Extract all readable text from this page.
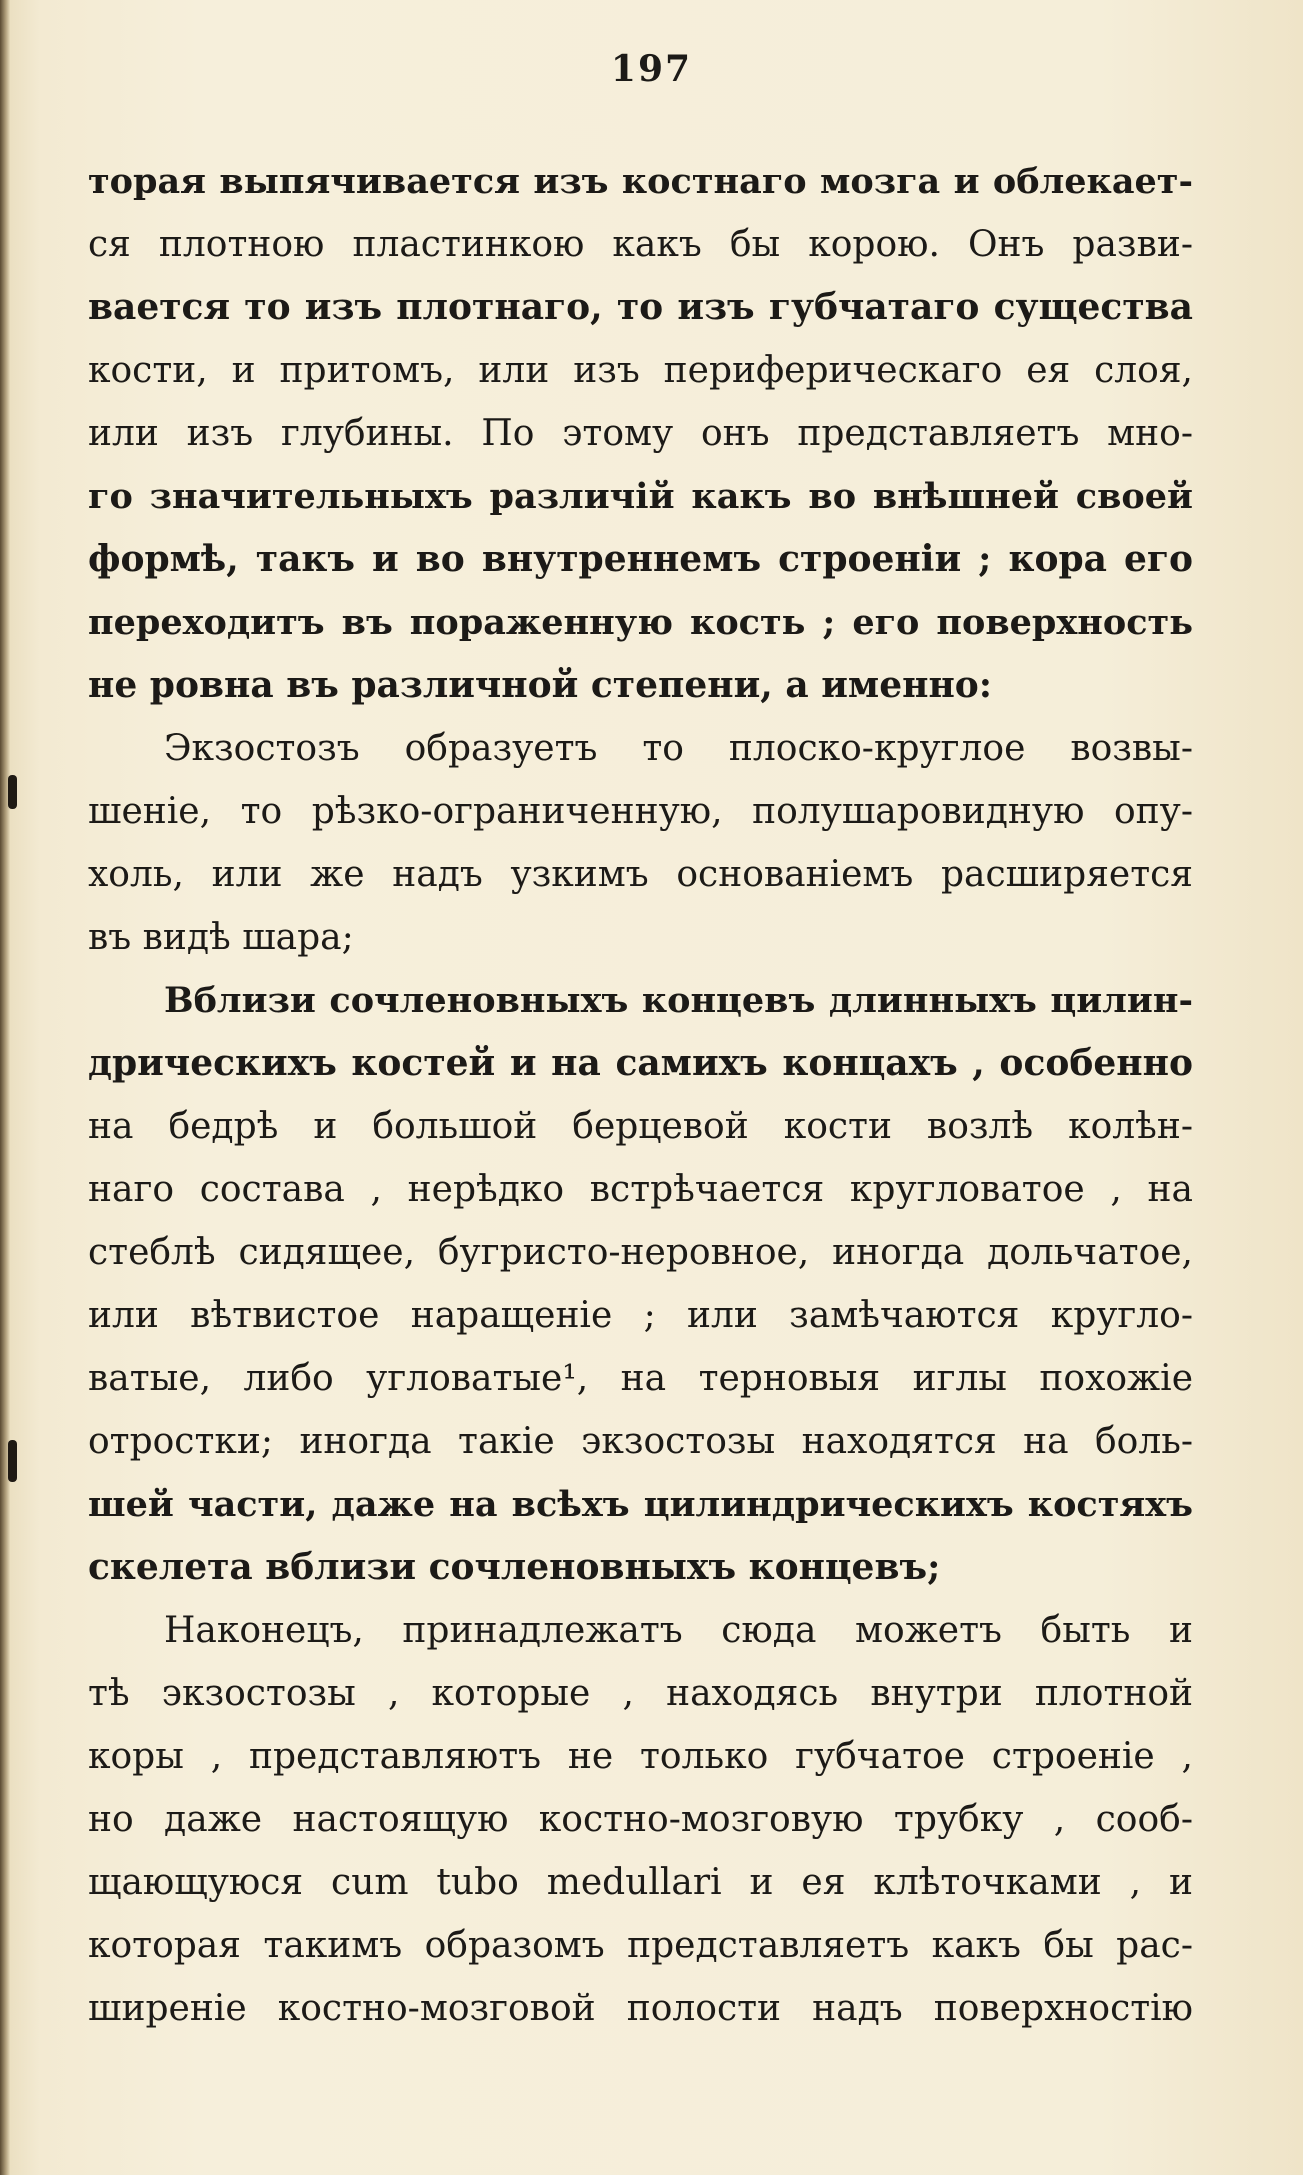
197
торая выпячивается изъ костнаго мозга и облекает-
ся плотною пластинкою какъ бы корою. Онъ разви-
вается то изъ плотнаго, то изъ губчатаго существа
кости, и притомъ, или изъ периферическаго ея слоя,
или изъ глубины. По этому онъ представляетъ мно-
го значительныхъ различiй какъ во внѣшней своей
формѣ, такъ и во внутреннемъ строенiи ; кора его
переходитъ въ пораженную кость ; его поверхность
не ровна въ различной степени, а именно:
Экзостозъ образуетъ то плоско-круглое возвы-
шенiе, то рѣзко-ограниченную, полушаровидную опу-
холь, или же надъ узкимъ основанiемъ расширяется
въ видѣ шара;
Вблизи сочленовныхъ концевъ длинныхъ цилин-
дрическихъ костей и на самихъ концахъ , особенно
на бедрѣ и большой берцевой кости возлѣ колѣн-
наго состава , нерѣдко встрѣчается кругловатое , на
стеблѣ сидящее, бугристо-неровное, иногда дольчатое,
или вѣтвистое наращенiе ; или замѣчаются кругло-
ватые, либо угловатые¹, на терновыя иглы похожiе
отростки; иногда такiе экзостозы находятся на боль-
шей части, даже на всѣхъ цилиндрическихъ костяхъ
скелета вблизи сочленовныхъ концевъ;
Наконецъ, принадлежатъ сюда можетъ быть и
тѣ экзостозы , которые , находясь внутри плотной
коры , представляютъ не только губчатое строенiе ,
но даже настоящую костно-мозговую трубку , сооб-
щающуюся cum tubo medullari и ея клѣточками , и
которая такимъ образомъ представляетъ какъ бы рас-
ширенiе костно-мозговой полости надъ поверхностiю
